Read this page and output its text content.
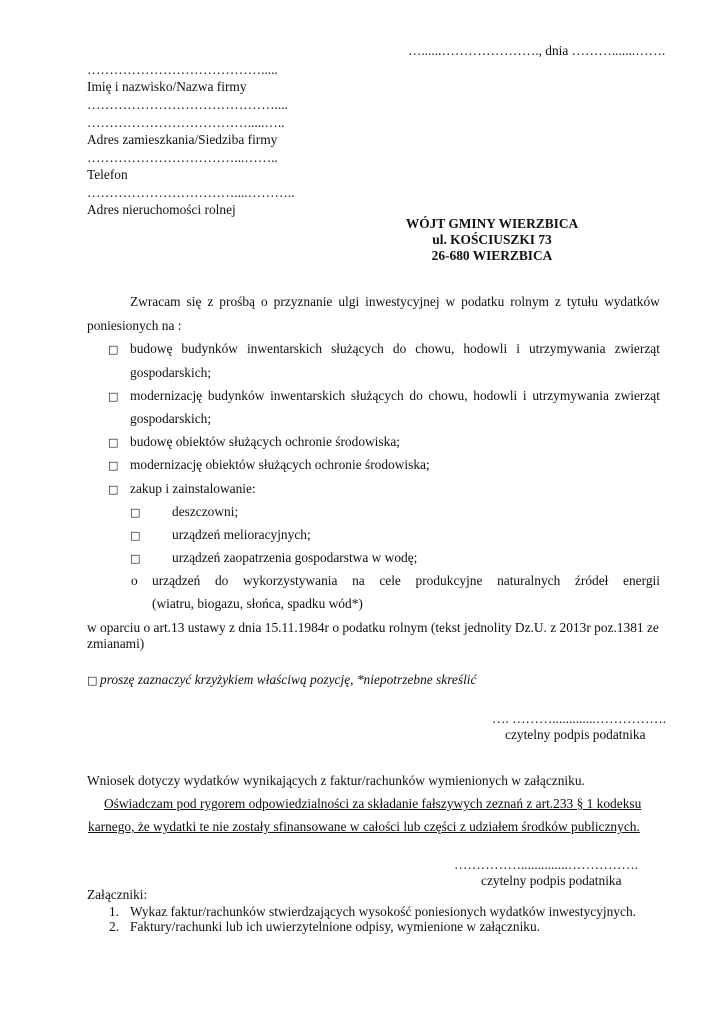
…......…………………., dnia ……….......…….
………………………………….....
Imię i nazwisko/Nazwa firmy
……………………………………....
……………………………….....…..
Adres zamieszkania/Siedziba firmy
……………………………...……..
Telefon
……………………………....………..
Adres nieruchomości rolnej
WÓJT GMINY WIERZBICA
ul. KOŚCIUSZKI 73
26-680 WIERZBICA
Zwracam się z prośbą o przyznanie ulgi inwestycyjnej w podatku rolnym z tytułu wydatków
poniesionych na :
□ budowę budynków inwentarskich służących do chowu, hodowli i utrzymywania zwierząt
gospodarskich;
□ modernizację budynków inwentarskich służących do chowu, hodowli i utrzymywania zwierząt
gospodarskich;
□ budowę obiektów służących ochronie środowiska;
□ modernizację obiektów służących ochronie środowiska;
□ zakup i zainstalowanie:
□ deszczowni;
□ urządzeń melioracyjnych;
□ urządzeń zaopatrzenia gospodarstwa w wodę;
o urządzeń do wykorzystywania na cele produkcyjne naturalnych źródeł energii
(wiatru, biogazu, słońca, spadku wód*)
w oparciu o art.13 ustawy z dnia 15.11.1984r o podatku rolnym (tekst jednolity Dz.U. z 2013r poz.1381 ze
zmianami)
□ proszę zaznaczyć krzyżykiem właściwą pozycję, *niepotrzebne skreślić
…. ……….............…………….
czytelny podpis podatnika
Wniosek dotyczy wydatków wynikających z faktur/rachunków wymienionych w załączniku.
Oświadczam pod rygorem odpowiedzialności za składanie fałszywych zeznań z art.233 § 1 kodeksu
karnego, że wydatki te nie zostały sfinansowane w całości lub części z udziałem środków publicznych.
……………..............…………….
czytelny podpis podatnika
Załączniki:
1. Wykaz faktur/rachunków stwierdzających wysokość poniesionych wydatków inwestycyjnych.
2. Faktury/rachunki lub ich uwierzytelnione odpisy, wymienione w załączniku.
